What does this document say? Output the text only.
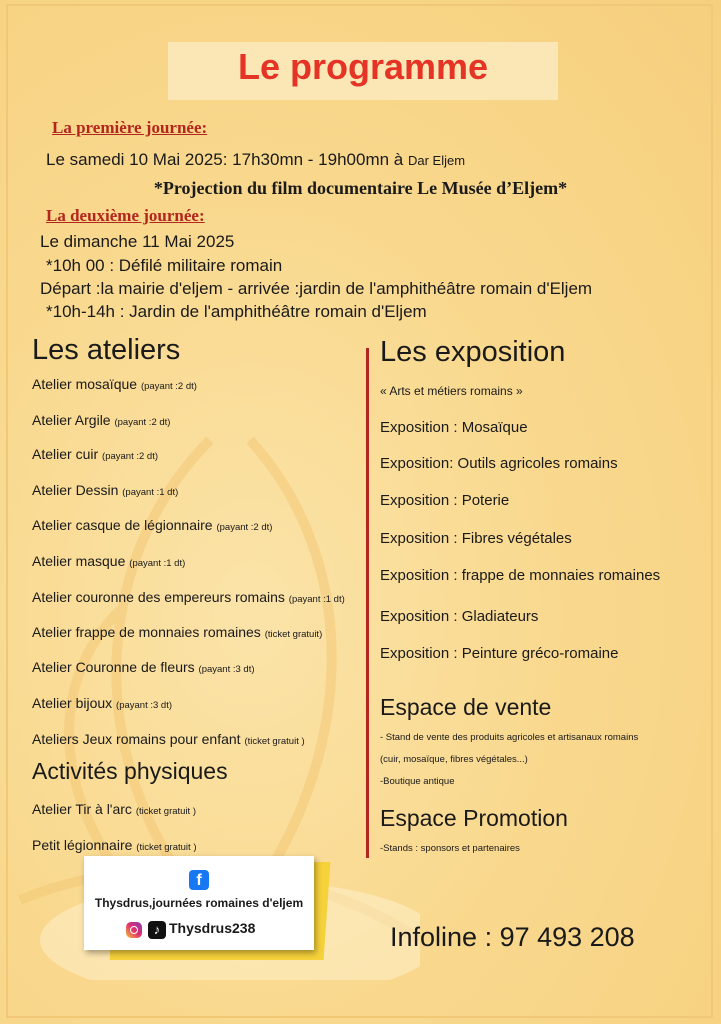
Le programme

La première journée:

Le samedi 10 Mai 2025: 17h30mn - 19h00mn à Dar Eljem

*Projection du film documentaire Le Musée d’Eljem*

La deuxième journée:

Le dimanche 11 Mai 2025

*10h 00 : Défilé militaire romain

Départ :la mairie d'eljem - arrivée :jardin de l'amphithéâtre romain d'Eljem

*10h-14h : Jardin de l'amphithéâtre romain d'Eljem

Les ateliers

Atelier mosaïque (payant :2 dt)

Atelier Argile (payant :2 dt)

Atelier cuir (payant :2 dt)

Atelier Dessin (payant :1 dt)

Atelier casque de légionnaire (payant :2 dt)

Atelier masque (payant :1 dt)

Atelier couronne des empereurs romains (payant :1 dt)

Atelier frappe de monnaies romaines (ticket gratuit)

Atelier Couronne de fleurs (payant :3 dt)

Atelier bijoux (payant :3 dt)

Ateliers Jeux romains pour enfant (ticket gratuit )

Activités physiques

Atelier Tir à l'arc (ticket gratuit )

Petit légionnaire (ticket gratuit )

Les exposition

« Arts et métiers romains »

Exposition : Mosaïque

Exposition: Outils agricoles romains

Exposition : Poterie

Exposition : Fibres végétales

Exposition : frappe de monnaies romaines

Exposition : Gladiateurs

Exposition : Peinture gréco-romaine

Espace de vente

- Stand de vente des produits agricoles et artisanaux romains

(cuir, mosaïque, fibres végétales...)

-Boutique antique

Espace Promotion

-Stands : sponsors et partenaires

f

Thysdrus,journées romaines d'eljem

♪ Thysdrus238	Infoline : 97 493 208
